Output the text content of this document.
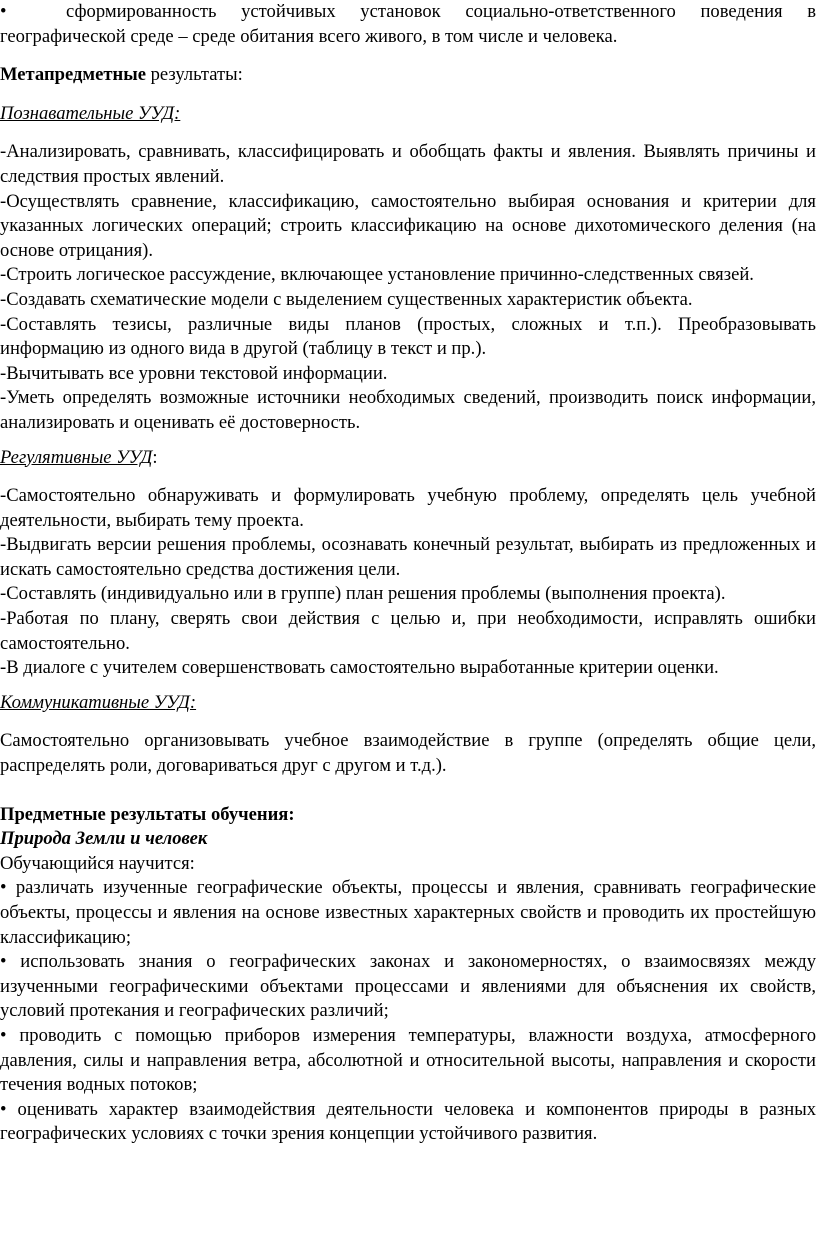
•	сформированность устойчивых установок социально-ответственного поведения в географической среде – среде обитания всего живого, в том числе и человека.

Метапредметные результаты:

Познавательные УУД:

-Анализировать, сравнивать, классифицировать и обобщать факты и явления. Выявлять причины и следствия простых явлений.

-Осуществлять сравнение, классификацию, самостоятельно выбирая основания и критерии для указанных логических операций; строить классификацию на основе дихотомического деления (на основе отрицания).

-Строить логическое рассуждение, включающее установление причинно-следственных связей.

-Создавать схематические модели с выделением существенных характеристик объекта.

-Составлять тезисы, различные виды планов (простых, сложных и т.п.). Преобразовывать информацию из одного вида в другой (таблицу в текст и пр.).

-Вычитывать все уровни текстовой информации.

-Уметь определять возможные источники необходимых сведений, производить поиск информации, анализировать и оценивать её достоверность.

Регулятивные УУД:

-Самостоятельно обнаруживать и формулировать учебную проблему, определять цель учебной деятельности, выбирать тему проекта.

-Выдвигать версии решения проблемы, осознавать конечный результат, выбирать из предложенных и искать самостоятельно средства достижения цели.

-Составлять (индивидуально или в группе) план решения проблемы (выполнения проекта).

-Работая по плану, сверять свои действия с целью и, при необходимости, исправлять ошибки самостоятельно.

-В диалоге с учителем совершенствовать самостоятельно выработанные критерии оценки.

Коммуникативные УУД:

Самостоятельно организовывать учебное взаимодействие в группе (определять общие цели, распределять роли, договариваться друг с другом и т.д.).

Предметные результаты обучения:

Природа Земли и человек

Обучающийся научится:

• различать изученные географические объекты, процессы и явления, сравнивать географические объекты, процессы и явления на основе известных характерных свойств и проводить их простейшую классификацию;

• использовать знания о географических законах и закономерностях, о взаимосвязях между изученными географическими объектами процессами и явлениями для объяснения их свойств, условий протекания и географических различий;

• проводить с помощью приборов измерения температуры, влажности воздуха, атмосферного давления, силы и направления ветра, абсолютной и относительной высоты, направления и скорости течения водных потоков;

• оценивать характер взаимодействия деятельности человека и компонентов природы в разных географических условиях с точки зрения концепции устойчивого развития.
